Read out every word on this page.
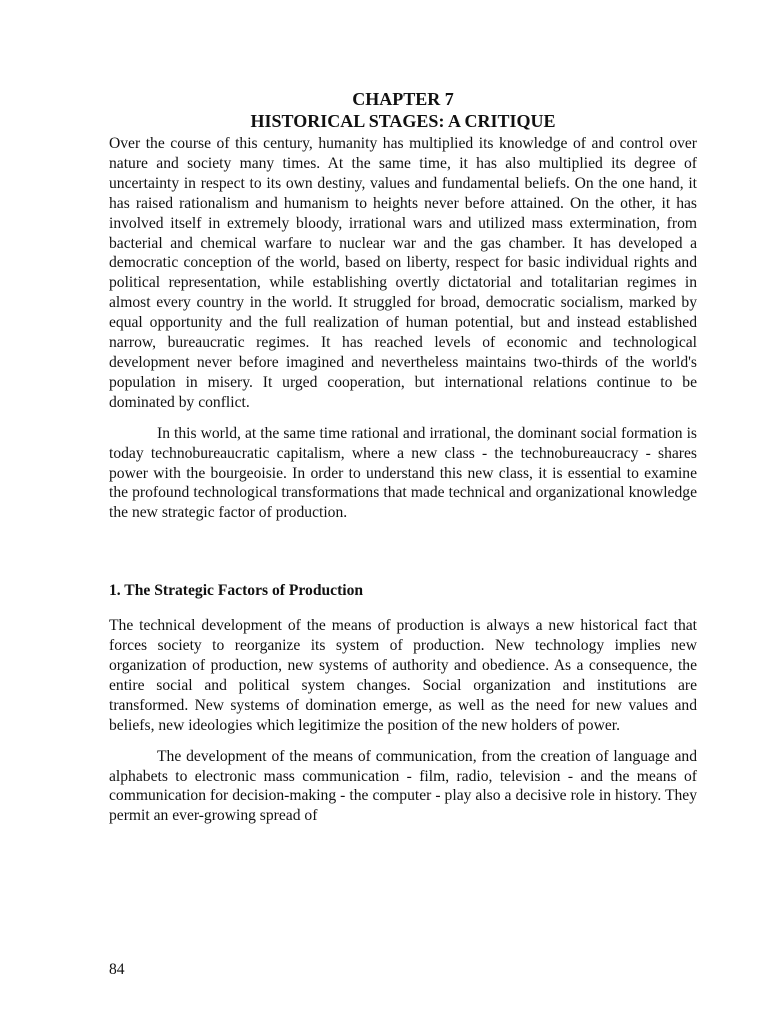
CHAPTER 7
HISTORICAL STAGES: A CRITIQUE

Over the course of this century, humanity has multiplied its knowledge of and control over nature and society many times. At the same time, it has also multiplied its degree of uncertainty in respect to its own destiny, values and fundamental beliefs. On the one hand, it has raised rationalism and humanism to heights never before attained. On the other, it has involved itself in extremely bloody, irrational wars and utilized mass extermination, from bacterial and chemical warfare to nuclear war and the gas chamber. It has developed a democratic conception of the world, based on liberty, respect for basic individual rights and political representation, while establishing overtly dictatorial and totalitarian regimes in almost every country in the world. It struggled for broad, democratic socialism, marked by equal opportunity and the full realization of human potential, but and instead established narrow, bureaucratic regimes. It has reached levels of economic and technological development never before imagined and nevertheless maintains two-thirds of the world's population in misery. It urged cooperation, but international relations continue to be dominated by conflict.

In this world, at the same time rational and irrational, the dominant social formation is today technobureaucratic capitalism, where a new class - the technobureaucracy - shares power with the bourgeoisie. In order to understand this new class, it is essential to examine the profound technological transformations that made technical and organizational knowledge the new strategic factor of production.

1. The Strategic Factors of Production

The technical development of the means of production is always a new historical fact that forces society to reorganize its system of production. New technology implies new organization of production, new systems of authority and obedience. As a consequence, the entire social and political system changes. Social organization and institutions are transformed. New systems of domination emerge, as well as the need for new values and beliefs, new ideologies which legitimize the position of the new holders of power.

The development of the means of communication, from the creation of language and alphabets to electronic mass communication - film, radio, television - and the means of communication for decision-making - the computer - play also a decisive role in history. They permit an ever-growing spread of

84
